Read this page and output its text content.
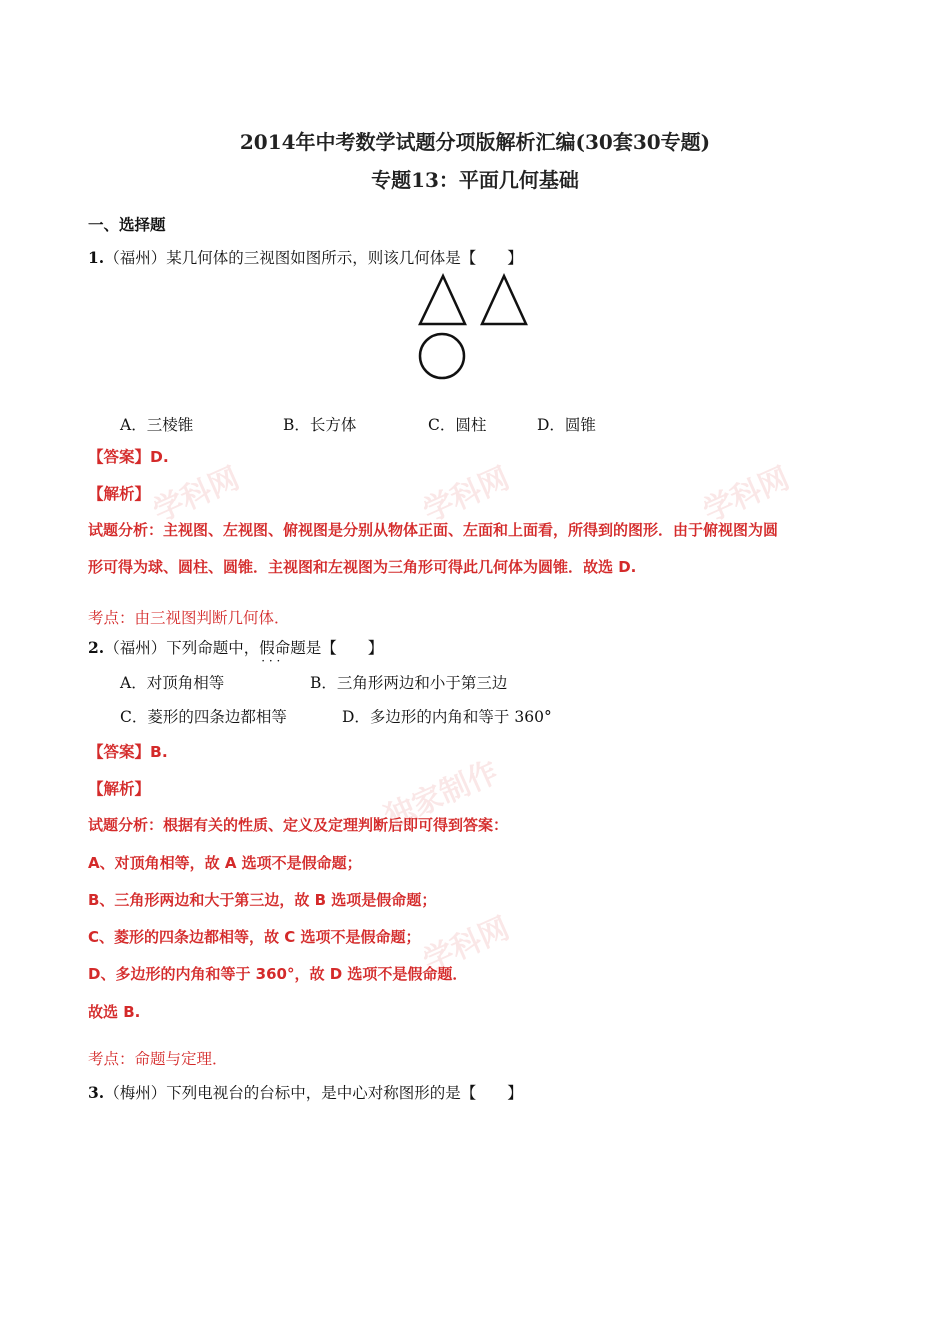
学科网	学科网	学科网
独家制作
学科网
2014年中考数学试题分项版解析汇编(30套30专题)
专题13：平面几何基础
一、选择题
1.（福州）某几何体的三视图如图所示，则该几何体是【　　】
A．三棱锥	B．长方体	C．圆柱	D．圆锥
【答案】D.
【解析】
试题分析：主视图、左视图、俯视图是分别从物体正面、左面和上面看，所得到的图形．由于俯视图为圆
形可得为球、圆柱、圆锥．主视图和左视图为三角形可得此几何体为圆锥．故选 D.
考点：由三视图判断几何体．
2.（福州）下列命题中，假命题 · · ·是【　　】
A．对顶角相等	B．三角形两边和小于第三边
C．菱形的四条边都相等	D．多边形的内角和等于 360°
【答案】B.
【解析】
试题分析：根据有关的性质、定义及定理判断后即可得到答案：
A、对顶角相等，故 A 选项不是假命题；
B、三角形两边和大于第三边，故 B 选项是假命题；
C、菱形的四条边都相等，故 C 选项不是假命题；
D、多边形的内角和等于 360°，故 D 选项不是假命题．
故选 B.
考点：命题与定理．
3.（梅州）下列电视台的台标中，是中心对称图形的是【　　】
